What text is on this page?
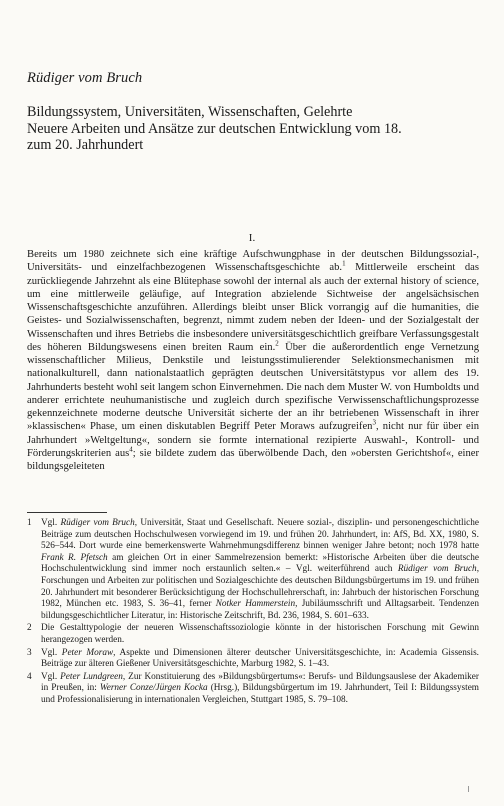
Rüdiger vom Bruch
Bildungssystem, Universitäten, Wissenschaften, Gelehrte
Neuere Arbeiten und Ansätze zur deutschen Entwicklung vom 18.
zum 20. Jahrhundert
I.

Bereits um 1980 zeichnete sich eine kräftige Aufschwungphase in der deutschen Bildungssozial-, Universitäts- und einzelfachbezogenen Wissenschaftsgeschichte ab.$^1$ Mittlerweile erscheint das zurückliegende Jahrzehnt als eine Blütephase sowohl der internal als auch der external history of science, um eine mittlerweile geläufige, auf Integration abzielende Sichtweise der angelsächsischen Wissenschaftsgeschichte anzuführen. Allerdings bleibt unser Blick vorrangig auf die humanities, die Geistes- und Sozialwissenschaften, begrenzt, nimmt zudem neben der Ideen- und der Sozialgestalt der Wissenschaften und ihres Betriebs die insbesondere universitätsgeschichtlich greifbare Verfassungsgestalt des höheren Bildungswesens einen breiten Raum ein.$^2$ Über die außerordentlich enge Vernetzung wissenschaftlicher Milieus, Denkstile und leistungsstimulierender Selektionsmechanismen mit nationalkulturell, dann nationalstaatlich geprägten deutschen Universitätstypus vor allem des 19. Jahrhunderts besteht wohl seit langem schon Einvernehmen. Die nach dem Muster W. von Humboldts und anderer errichtete neuhumanistische und zugleich durch spezifische Verwissenschaftlichungsprozesse gekennzeichnete moderne deutsche Universität sicherte der an ihr betriebenen Wissenschaft in ihrer »klassischen« Phase, um einen diskutablen Begriff Peter Moraws aufzugreifen$^3$, nicht nur für über ein Jahrhundert »Weltgeltung«, sondern sie formte international rezipierte Auswahl-, Kontroll- und Förderungskriterien aus$^4$; sie bildete zudem das überwölbende Dach, den »obersten Gerichtshof«, einer bildungsgeleiteten

1	Vgl. Rüdiger vom Bruch, Universität, Staat und Gesellschaft. Neuere sozial-, disziplin- und personengeschichtliche Beiträge zum deutschen Hochschulwesen vorwiegend im 19. und frühen 20. Jahrhundert, in: AfS, Bd. XX, 1980, S. 526–544. Dort wurde eine bemerkenswerte Wahrnehmungsdifferenz binnen weniger Jahre betont; noch 1978 hatte Frank R. Pfetsch am gleichen Ort in einer Sammelrezension bemerkt: »Historische Arbeiten über die deutsche Hochschulentwicklung sind immer noch erstaunlich selten.« – Vgl. weiterführend auch Rüdiger vom Bruch, Forschungen und Arbeiten zur politischen und Sozialgeschichte des deutschen Bildungsbürgertums im 19. und frühen 20. Jahrhundert mit besonderer Berücksichtigung der Hochschullehrerschaft, in: Jahrbuch der historischen Forschung 1982, München etc. 1983, S. 36–41, ferner Notker Hammerstein, Jubiläumsschrift und Alltagsarbeit. Tendenzen bildungsgeschichtlicher Literatur, in: Historische Zeitschrift, Bd. 236, 1984, S. 601–633.
2	Die Gestalttypologie der neueren Wissenschaftssoziologie könnte in der historischen Forschung mit Gewinn herangezogen werden.
3	Vgl. Peter Moraw, Aspekte und Dimensionen älterer deutscher Universitätsgeschichte, in: Academia Gissensis. Beiträge zur älteren Gießener Universitätsgeschichte, Marburg 1982, S. 1–43.
4	Vgl. Peter Lundgreen, Zur Konstituierung des »Bildungsbürgertums«: Berufs- und Bildungsauslese der Akademiker in Preußen, in: Werner Conze/Jürgen Kocka (Hrsg.), Bildungsbürgertum im 19. Jahrhundert, Teil I: Bildungssystem und Professionalisierung in internationalen Vergleichen, Stuttgart 1985, S. 79–108.
